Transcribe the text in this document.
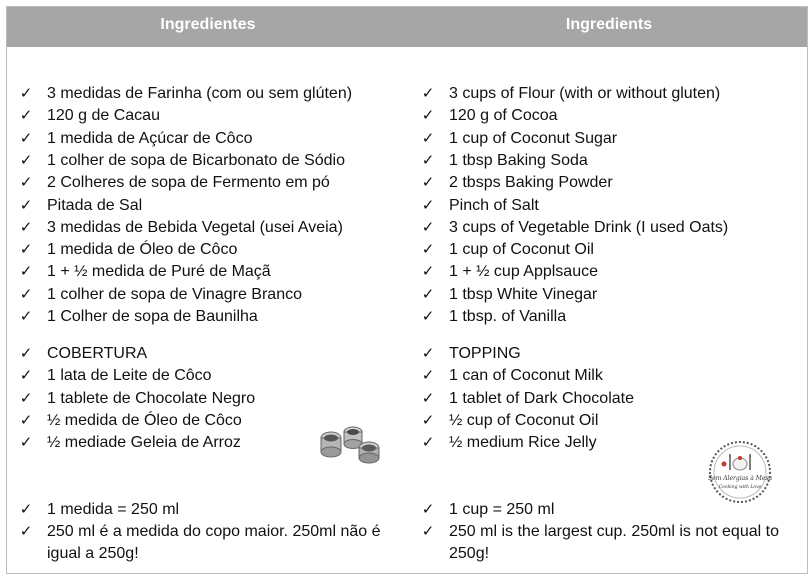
Ingredientes	Ingredients
✓ 3 medidas de Farinha (com ou sem glúten)
✓ 120 g de Cacau
✓ 1 medida de Açúcar de Côco
✓ 1 colher de sopa de Bicarbonato de Sódio
✓ 2 Colheres de sopa de Fermento em pó
✓ Pitada de Sal
✓ 3 medidas de Bebida Vegetal (usei Aveia)
✓ 1 medida de Óleo de Côco
✓ 1 + ½ medida de Puré de Maçã
✓ 1 colher de sopa de Vinagre Branco
✓ 1 Colher de sopa de Baunilha
✓ COBERTURA
✓ 1 lata de Leite de Côco
✓ 1 tablete de Chocolate Negro
✓ ½ medida de Óleo de Côco
✓ ½ mediade Geleia de Arroz
✓ 1 medida = 250 ml
✓ 250 ml é a medida do copo maior. 250ml não é igual a 250g!
✓ 3 cups of Flour (with or without gluten)
✓ 120 g of Cocoa
✓ 1 cup of Coconut Sugar
✓ 1 tbsp Baking Soda
✓ 2 tbsps Baking Powder
✓ Pinch of Salt
✓ 3 cups of Vegetable Drink (I used Oats)
✓ 1 cup of Coconut Oil
✓ 1 + ½ cup Applsauce
✓ 1 tbsp White Vinegar
✓ 1 tbsp. of Vanilla
✓ TOPPING
✓ 1 can of Coconut Milk
✓ 1 tablet of Dark Chocolate
✓ ½ cup of Coconut Oil
✓ ½ medium Rice Jelly
✓ 1 cup = 250 ml
✓ 250 ml is the largest cup. 250ml is not equal to 250g!
Sem Alergias à Mesa
Cooking with Love
